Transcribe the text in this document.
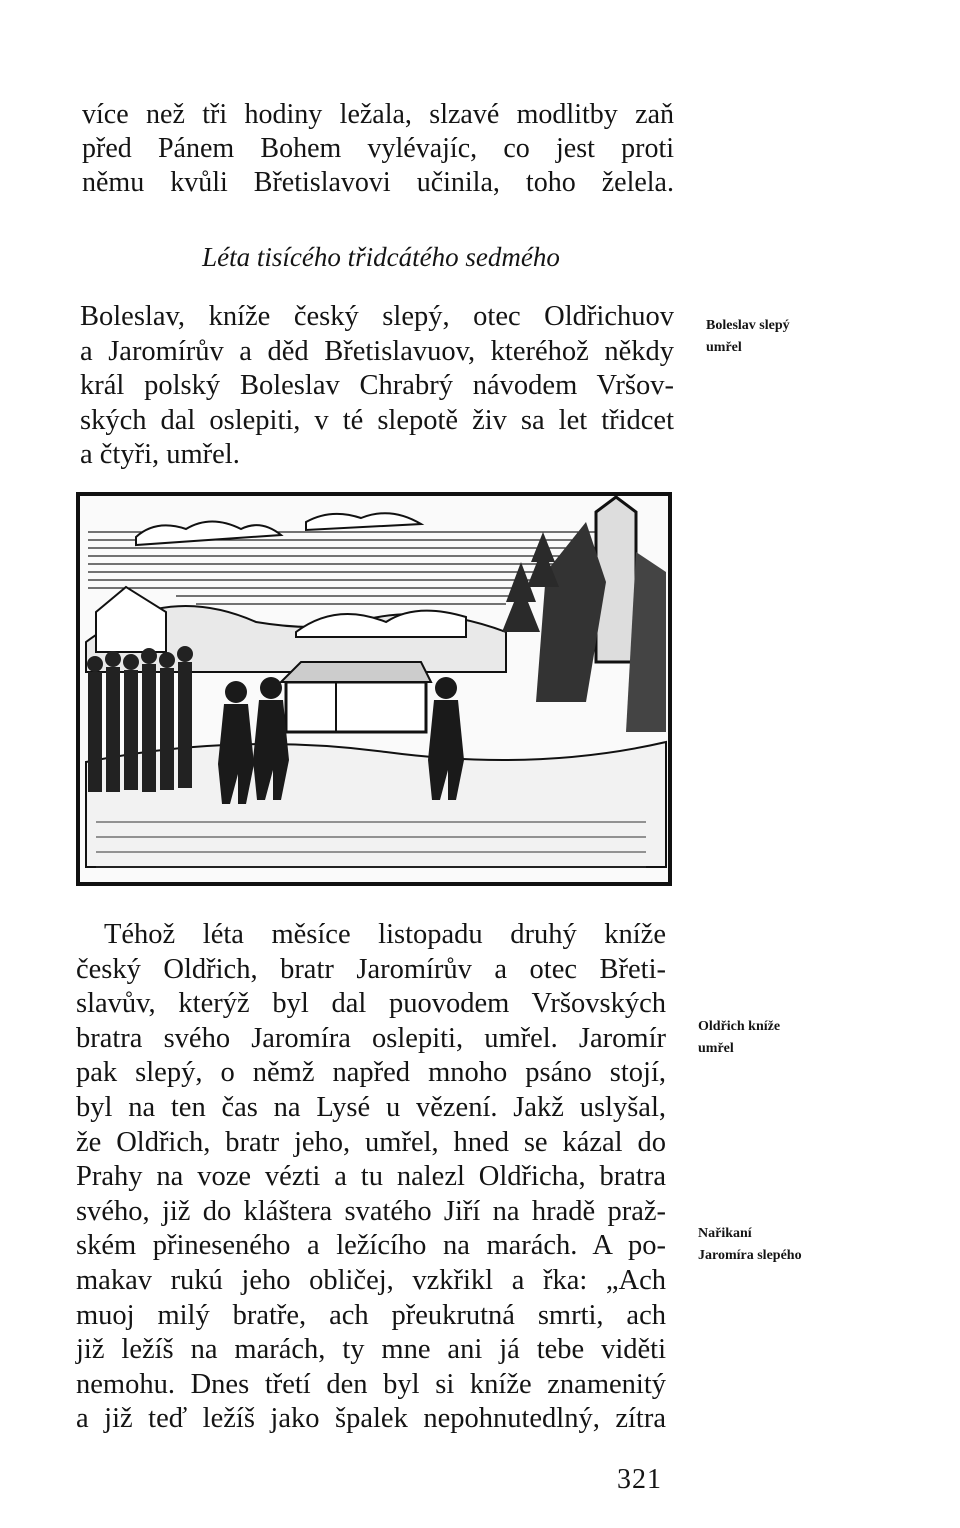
více než tři hodiny ležala, slzavé modlitby zaň
před Pánem Bohem vylévajíc, co jest proti
němu kvůli Břetislavovi učinila, toho želela.
Léta tisícého třidcátého sedmého
Boleslav, kníže český slepý, otec Oldřichuov
a Jaromírův a děd Břetislavuov, kteréhož někdy
král polský Boleslav Chrabrý návodem Vršov-
ských dal oslepiti, v té slepotě živ sa let třidcet
a čtyři, umřel.
Boleslav slepý
umřel
Téhož léta měsíce listopadu druhý kníže
český Oldřich, bratr Jaromírův a otec Břeti-
slavův, kterýž byl dal puovodem Vršovských
bratra svého Jaromíra oslepiti, umřel. Jaromír
pak slepý, o němž napřed mnoho psáno stojí,
byl na ten čas na Lysé u vězení. Jakž uslyšal,
že Oldřich, bratr jeho, umřel, hned se kázal do
Prahy na voze vézti a tu nalezl Oldřicha, bratra
svého, již do kláštera svatého Jiří na hradě praž-
ském přineseného a ležícího na marách. A po-
makav rukú jeho obličej, vzkřikl a řka: „Ach
muoj milý bratře, ach přeukrutná smrti, ach
již ležíš na marách, ty mne ani já tebe viděti
nemohu. Dnes třetí den byl si kníže znamenitý
a již teď ležíš jako špalek nepohnutedlný, zítra
Oldřich kníže
umřel
Nařikaní
Jaromíra slepého
321
